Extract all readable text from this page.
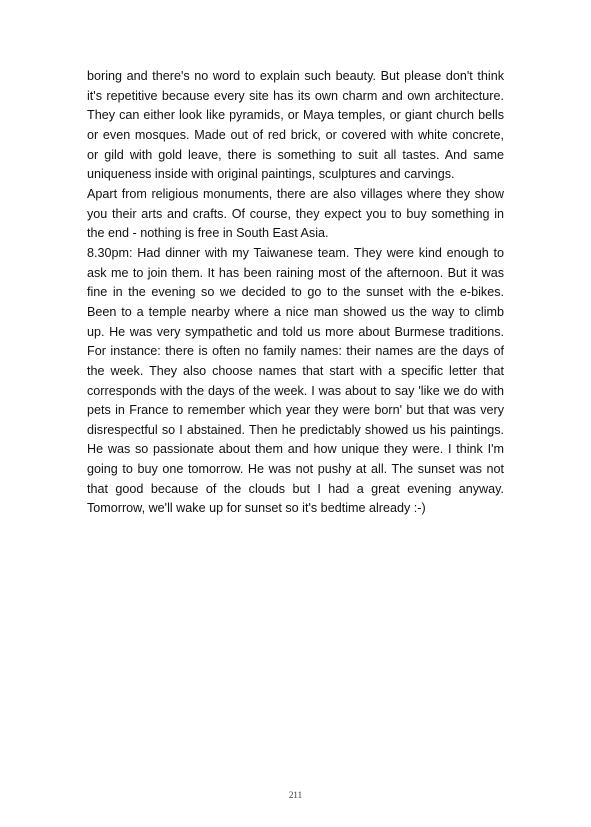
boring and there's no word to explain such beauty. But please don't think it's repetitive because every site has its own charm and own architecture. They can either look like pyramids, or Maya temples, or giant church bells or even mosques. Made out of red brick, or covered with white concrete, or gild with gold leave, there is something to suit all tastes. And same uniqueness inside with original paintings, sculptures and carvings.

Apart from religious monuments, there are also villages where they show you their arts and crafts. Of course, they expect you to buy something in the end - nothing is free in South East Asia.

8.30pm: Had dinner with my Taiwanese team. They were kind enough to ask me to join them. It has been raining most of the afternoon. But it was fine in the evening so we decided to go to the sunset with the e-bikes. Been to a temple nearby where a nice man showed us the way to climb up. He was very sympathetic and told us more about Burmese traditions. For instance: there is often no family names: their names are the days of the week. They also choose names that start with a specific letter that corresponds with the days of the week. I was about to say 'like we do with pets in France to remember which year they were born' but that was very disrespectful so I abstained. Then he predictably showed us his paintings. He was so passionate about them and how unique they were. I think I'm going to buy one tomorrow. He was not pushy at all. The sunset was not that good because of the clouds but I had a great evening anyway. Tomorrow, we'll wake up for sunset so it's bedtime already :-)

211
